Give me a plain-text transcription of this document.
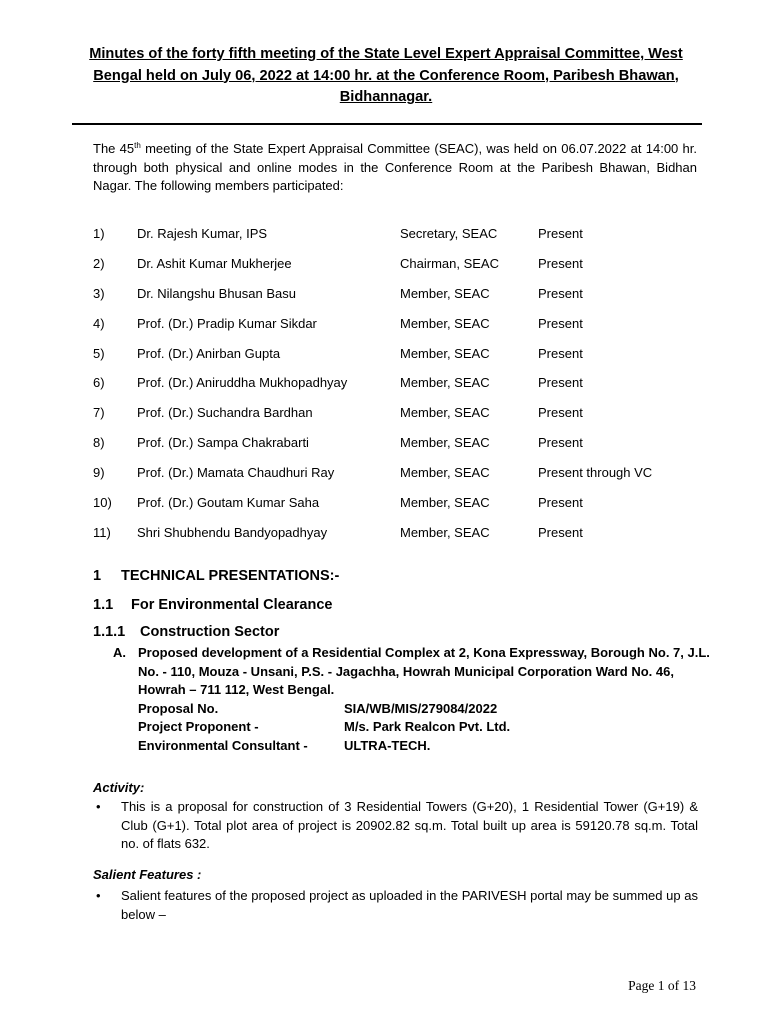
Minutes of the forty fifth meeting of the State Level Expert Appraisal Committee, West Bengal held on July 06, 2022 at 14:00 hr. at the Conference Room, Paribesh Bhawan, Bidhannagar.
The 45th meeting of the State Expert Appraisal Committee (SEAC), was held on 06.07.2022 at 14:00 hr. through both physical and online modes in the Conference Room at the Paribesh Bhawan, Bidhan Nagar. The following members participated:
1) Dr. Rajesh Kumar, IPS	Secretary, SEAC	Present
2) Dr. Ashit Kumar Mukherjee	Chairman, SEAC	Present
3) Dr. Nilangshu Bhusan Basu	Member, SEAC	Present
4) Prof. (Dr.) Pradip Kumar Sikdar	Member, SEAC	Present
5) Prof. (Dr.) Anirban Gupta	Member, SEAC	Present
6) Prof. (Dr.) Aniruddha Mukhopadhyay	Member, SEAC	Present
7) Prof. (Dr.) Suchandra Bardhan	Member, SEAC	Present
8) Prof. (Dr.) Sampa Chakrabarti	Member, SEAC	Present
9) Prof. (Dr.) Mamata Chaudhuri Ray	Member, SEAC	Present through VC
10) Prof. (Dr.) Goutam Kumar Saha	Member, SEAC	Present
11) Shri Shubhendu Bandyopadhyay	Member, SEAC	Present
1 TECHNICAL PRESENTATIONS:-
1.1 For Environmental Clearance
1.1.1 Construction Sector
A. Proposed development of a Residential Complex at 2, Kona Expressway, Borough No. 7, J.L. No. - 110, Mouza - Unsani, P.S. - Jagachha, Howrah Municipal Corporation Ward No. 46, Howrah – 711 112, West Bengal.
Proposal No.	SIA/WB/MIS/279084/2022
Project Proponent -	M/s. Park Realcon Pvt. Ltd.
Environmental Consultant -	ULTRA-TECH.
Activity:
• This is a proposal for construction of 3 Residential Towers (G+20), 1 Residential Tower (G+19) & Club (G+1). Total plot area of project is 20902.82 sq.m. Total built up area is 59120.78 sq.m. Total no. of flats 632.
Salient Features :
• Salient features of the proposed project as uploaded in the PARIVESH portal may be summed up as below –
Page 1 of 13
